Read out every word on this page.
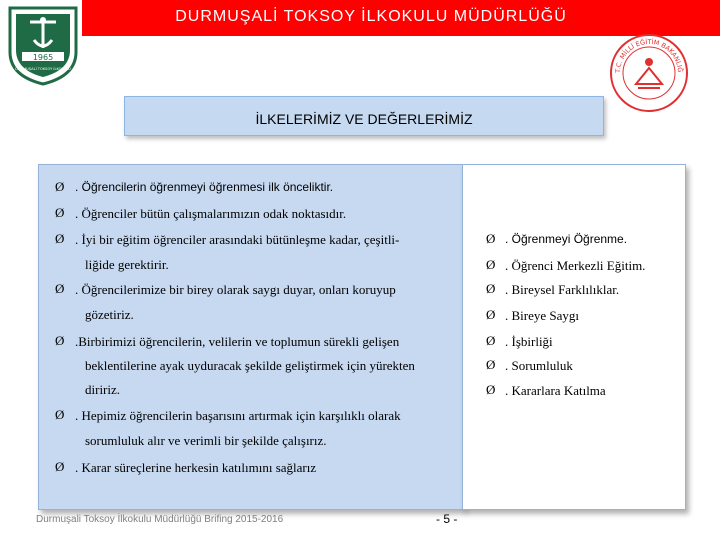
DURMUŞALİ TOKSOY İLKOKULU MÜDÜRLÜĞÜ
1965
DURMUŞALİ TOKSOY İLKOKULU
T.C. MİLLİ EĞİTİM BAKANLIĞ
İLKELERİMİZ VE DEĞERLERİMİZ
Ø . Öğrencilerin öğrenmeyi öğrenmesi ilk önceliktir.
Ø . Öğrenciler bütün çalışmalarımızın odak noktasıdır.
Ø . İyi bir eğitim öğrenciler arasındaki bütünleşme kadar, çeşitli-
liğide gerektirir.
Ø . Öğrencilerimize bir birey olarak saygı duyar, onları koruyup
gözetiriz.
Ø .Birbirimizi öğrencilerin, velilerin ve toplumun sürekli gelişen
beklentilerine ayak uyduracak şekilde geliştirmek için yürekten
diririz.
Ø . Hepimiz öğrencilerin başarısını artırmak için karşılıklı olarak
sorumluluk alır ve verimli bir şekilde çalışırız.
Ø . Karar süreçlerine herkesin katılımını sağlarız
Ø . Öğrenmeyi Öğrenme.
Ø . Öğrenci Merkezli Eğitim.
Ø . Bireysel Farklılıklar.
Ø . Bireye Saygı
Ø . İşbirliği
Ø . Sorumluluk
Ø . Kararlara Katılma
Durmuşali Toksoy İlkokulu Müdürlüğü Brifing 2015-2016	- 5 -
